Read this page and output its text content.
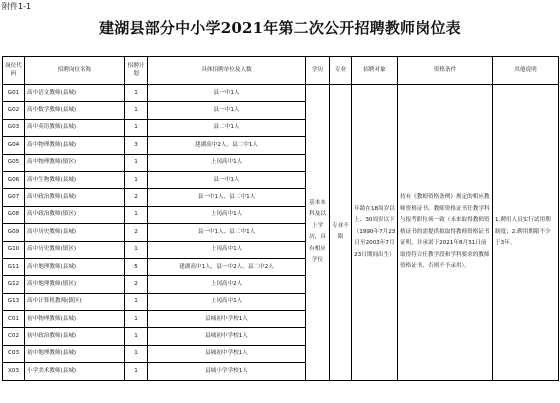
附件1-1
建湖县部分中小学2021年第二次公开招聘教师岗位表
岗位代码	招聘岗位名称	招聘计划	具体招聘单位及人数	学历	专业	招聘对象	资格条件	其他说明
G01	高中语文教师(县城)	1	县一中1人	基本本科及以上学历，具有相应学位	专业不限	年龄在18周岁以上、30周岁以下（1990年7月23日至2003年7月23日期间出生）	持有《教师资格条例》规定的相应教师资格证书，教师资格证书任教学科与报考职位须一致（未来取得教师资格证书的需提供拟取得教师资格证书证明，并承诺于2021年8月31日前取得符合任教学段和学科要求的教师资格证书，否则不予录用）。	1.聘用人员实行试用期制度；2.聘用期限不少于3年。
G02	高中数学教师(县城)	1	县一中1人					
G03	高中英语教师(县城)	1	县二中1人					
G04	高中物理教师(县城)	3	建湖高中2人、县二中1人					
G05	高中物理教师(镇区)	1	上冈高中1人					
G06	高中生物教师(县城)	1	县一中1人					
G07	高中政治教师(县城)	2	县一中1人、县二中1人					
G08	高中政治教师(镇区)	1	上冈高中1人					
G09	高中历史教师(县城)	2	县一中1人、县二中1人					
G10	高中历史教师(镇区)	1	上冈高中1人					
G11	高中地理教师(县城)	5	建湖高中1人、县一中2人、县二中2人					
G12	高中地理教师(镇区)	2	上冈高中2人					
G13	高中计算机教师(镇区)	1	上冈高中1人					
C01	初中物理教师(县城)	1	县城初中学校1人					
C02	初中政治教师(县城)	1	县城初中学校1人					
C03	初中地理教师(县城)	1	县城初中学校1人					
X03	小学美术教师(县城)	1	县城小学学校1人					
